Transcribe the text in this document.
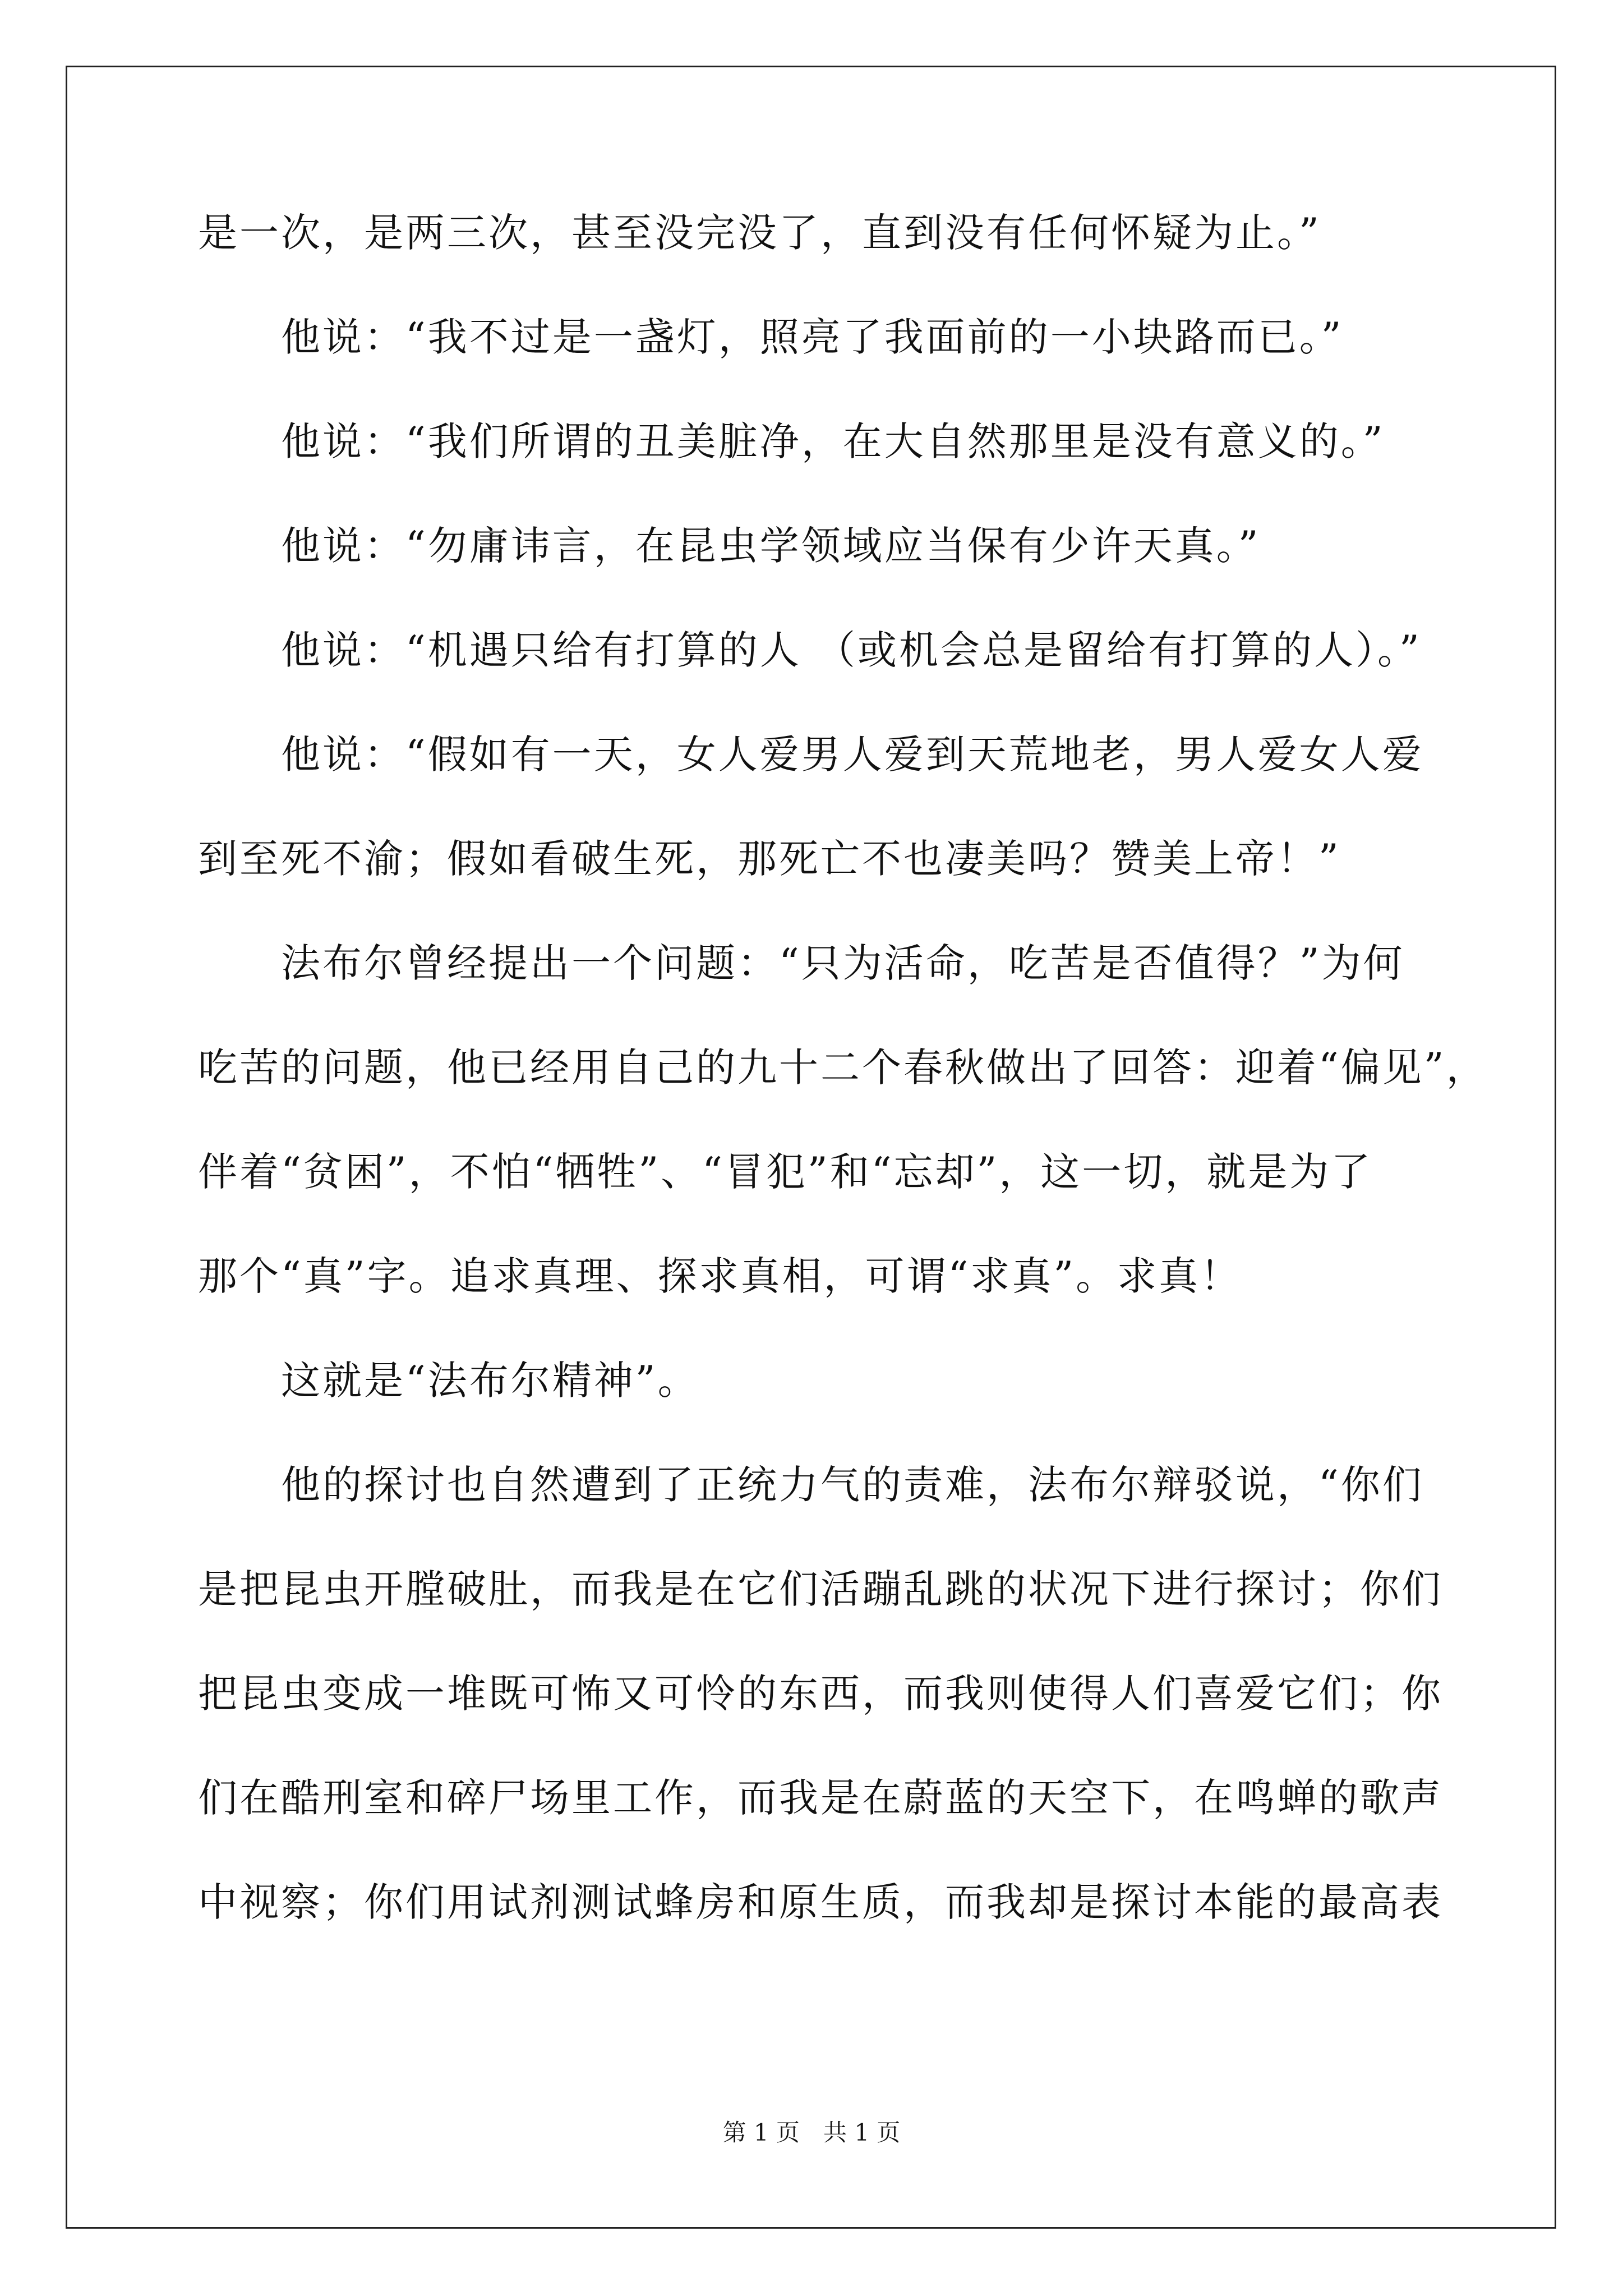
是一次，是两三次，甚至没完没了，直到没有任何怀疑为止。”
他说：“我不过是一盏灯，照亮了我面前的一小块路而已。”
他说：“我们所谓的丑美脏净，在大自然那里是没有意义的。”
他说：“勿庸讳言，在昆虫学领域应当保有少许天真。”
他说：“机遇只给有打算的人 （或机会总是留给有打算的人）。”
他说：“假如有一天，女人爱男人爱到天荒地老，男人爱女人爱
到至死不渝；假如看破生死，那死亡不也凄美吗？赞美上帝！”
法布尔曾经提出一个问题：“只为活命，吃苦是否值得？”为何
吃苦的问题，他已经用自己的九十二个春秋做出了回答：迎着“偏见”，
伴着“贫困”，不怕“牺牲”、“冒犯”和“忘却”，这一切，就是为了
那个“真”字。追求真理、探求真相，可谓“求真”。求真！
这就是“法布尔精神”。
他的探讨也自然遭到了正统力气的责难，法布尔辩驳说，“你们
是把昆虫开膛破肚，而我是在它们活蹦乱跳的状况下进行探讨；你们
把昆虫变成一堆既可怖又可怜的东西，而我则使得人们喜爱它们；你
们在酷刑室和碎尸场里工作，而我是在蔚蓝的天空下，在鸣蝉的歌声
中视察；你们用试剂测试蜂房和原生质，而我却是探讨本能的最高表
第 1 页　共 1 页
